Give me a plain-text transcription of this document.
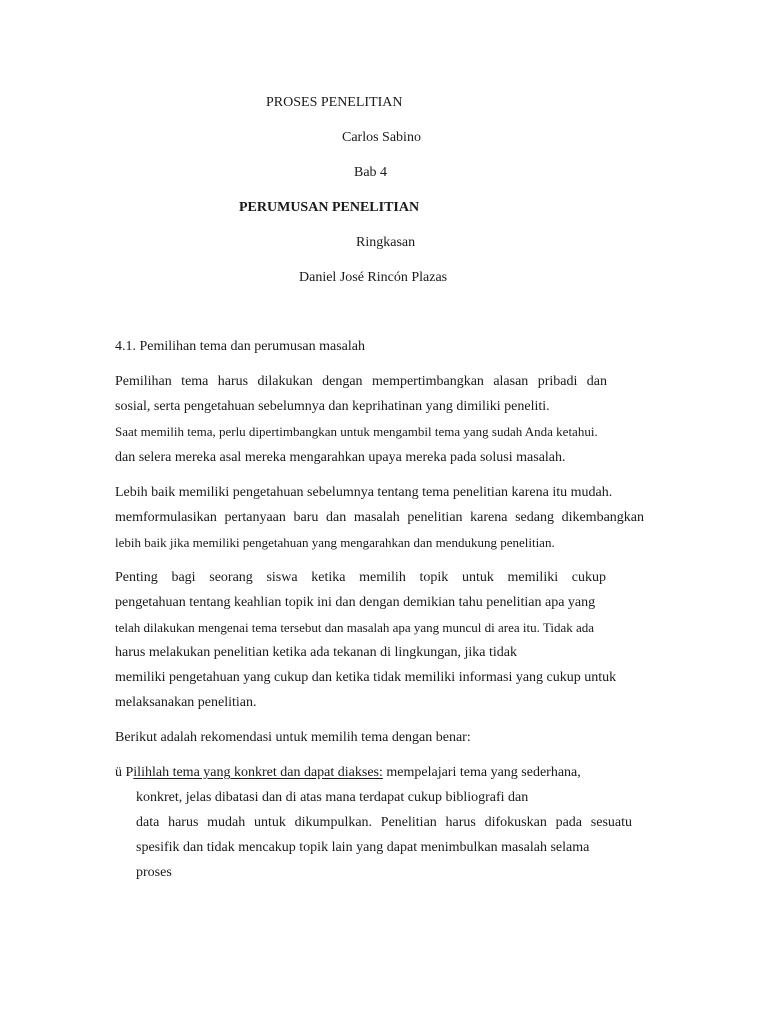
PROSES PENELITIAN
Carlos Sabino
Bab 4
PERUMUSAN PENELITIAN
Ringkasan
Daniel José Rincón Plazas
4.1. Pemilihan tema dan perumusan masalah
Pemilihan tema harus dilakukan dengan mempertimbangkan alasan pribadi dan
sosial, serta pengetahuan sebelumnya dan keprihatinan yang dimiliki peneliti.
Saat memilih tema, perlu dipertimbangkan untuk mengambil tema yang sudah Anda ketahui.
dan selera mereka asal mereka mengarahkan upaya mereka pada solusi masalah.
Lebih baik memiliki pengetahuan sebelumnya tentang tema penelitian karena itu mudah.
memformulasikan pertanyaan baru dan masalah penelitian karena sedang dikembangkan
lebih baik jika memiliki pengetahuan yang mengarahkan dan mendukung penelitian.
Penting bagi seorang siswa ketika memilih topik untuk memiliki cukup
pengetahuan tentang keahlian topik ini dan dengan demikian tahu penelitian apa yang
telah dilakukan mengenai tema tersebut dan masalah apa yang muncul di area itu. Tidak ada
harus melakukan penelitian ketika ada tekanan di lingkungan, jika tidak
memiliki pengetahuan yang cukup dan ketika tidak memiliki informasi yang cukup untuk
melaksanakan penelitian.
Berikut adalah rekomendasi untuk memilih tema dengan benar:
ü Pilihlah tema yang konkret dan dapat diakses: mempelajari tema yang sederhana,
konkret, jelas dibatasi dan di atas mana terdapat cukup bibliografi dan
data harus mudah untuk dikumpulkan. Penelitian harus difokuskan pada sesuatu
spesifik dan tidak mencakup topik lain yang dapat menimbulkan masalah selama
proses
